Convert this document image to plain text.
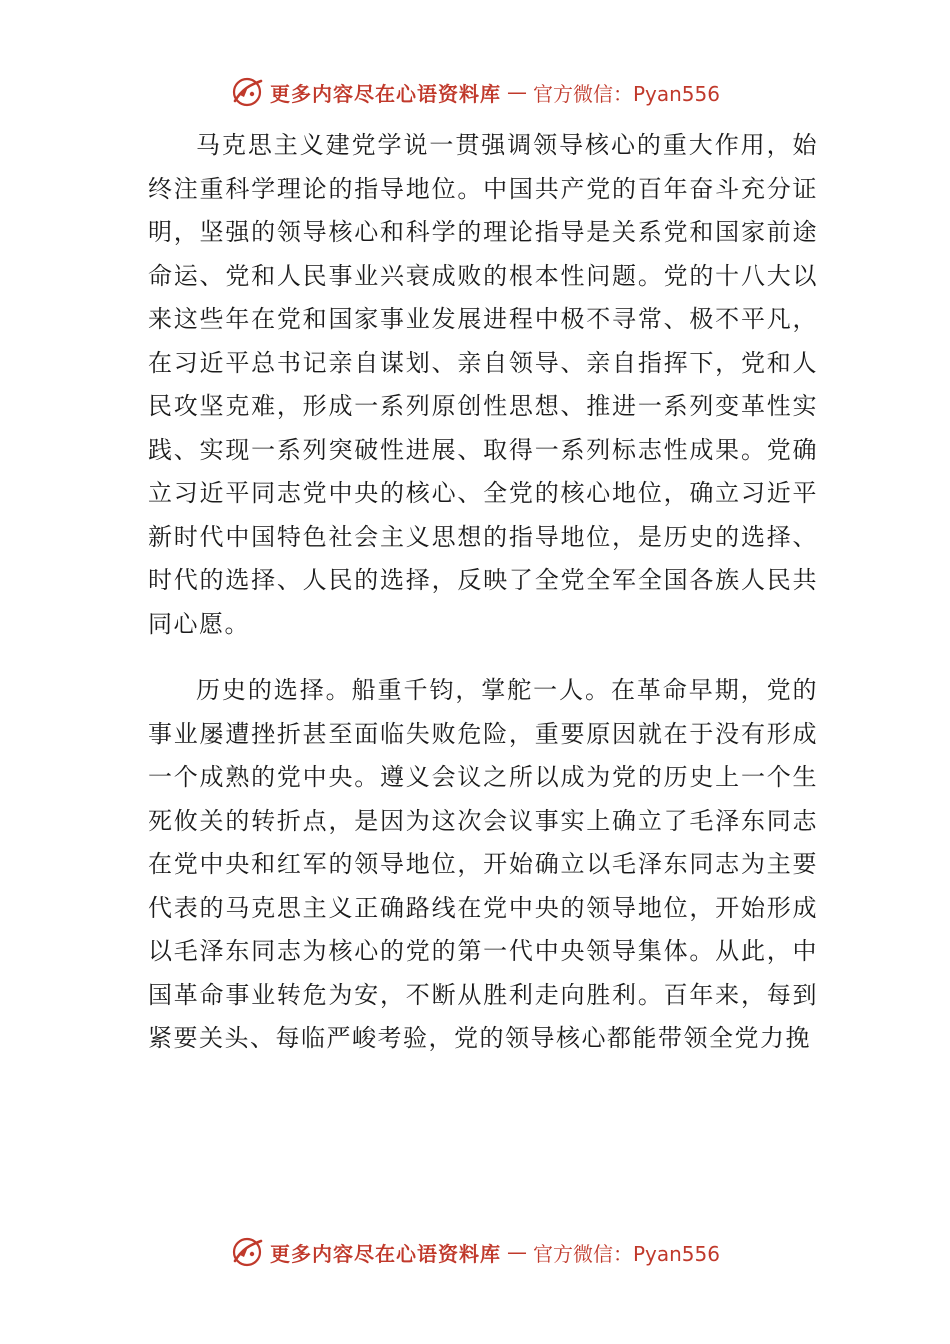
更多内容尽在心语资料库 — 官方微信：Pyan556

马克思主义建党学说一贯强调领导核心的重大作用，始终注重科学理论的指导地位。中国共产党的百年奋斗充分证明，坚强的领导核心和科学的理论指导是关系党和国家前途命运、党和人民事业兴衰成败的根本性问题。党的十八大以来这些年在党和国家事业发展进程中极不寻常、极不平凡， 在习近平总书记亲自谋划、亲自领导、亲自指挥下，党和人民攻坚克难，形成一系列原创性思想、推进一系列变革性实践、实现一系列突破性进展、取得一系列标志性成果。党确立习近平同志党中央的核心、全党的核心地位，确立习近平新时代中国特色社会主义思想的指导地位，是历史的选择、 时代的选择、人民的选择，反映了全党全军全国各族人民共同心愿。

历史的选择。船重千钧，掌舵一人。在革命早期，党的事业屡遭挫折甚至面临失败危险，重要原因就在于没有形成一个成熟的党中央。遵义会议之所以成为党的历史上一个生死攸关的转折点，是因为这次会议事实上确立了毛泽东同志在党中央和红军的领导地位，开始确立以毛泽东同志为主要代表的马克思主义正确路线在党中央的领导地位，开始形成以毛泽东同志为核心的党的第一代中央领导集体。从此，中国革命事业转危为安，不断从胜利走向胜利。百年来，每到紧要关头、每临严峻考验，党的领导核心都能带领全党力挽

更多内容尽在心语资料库 — 官方微信：Pyan556
